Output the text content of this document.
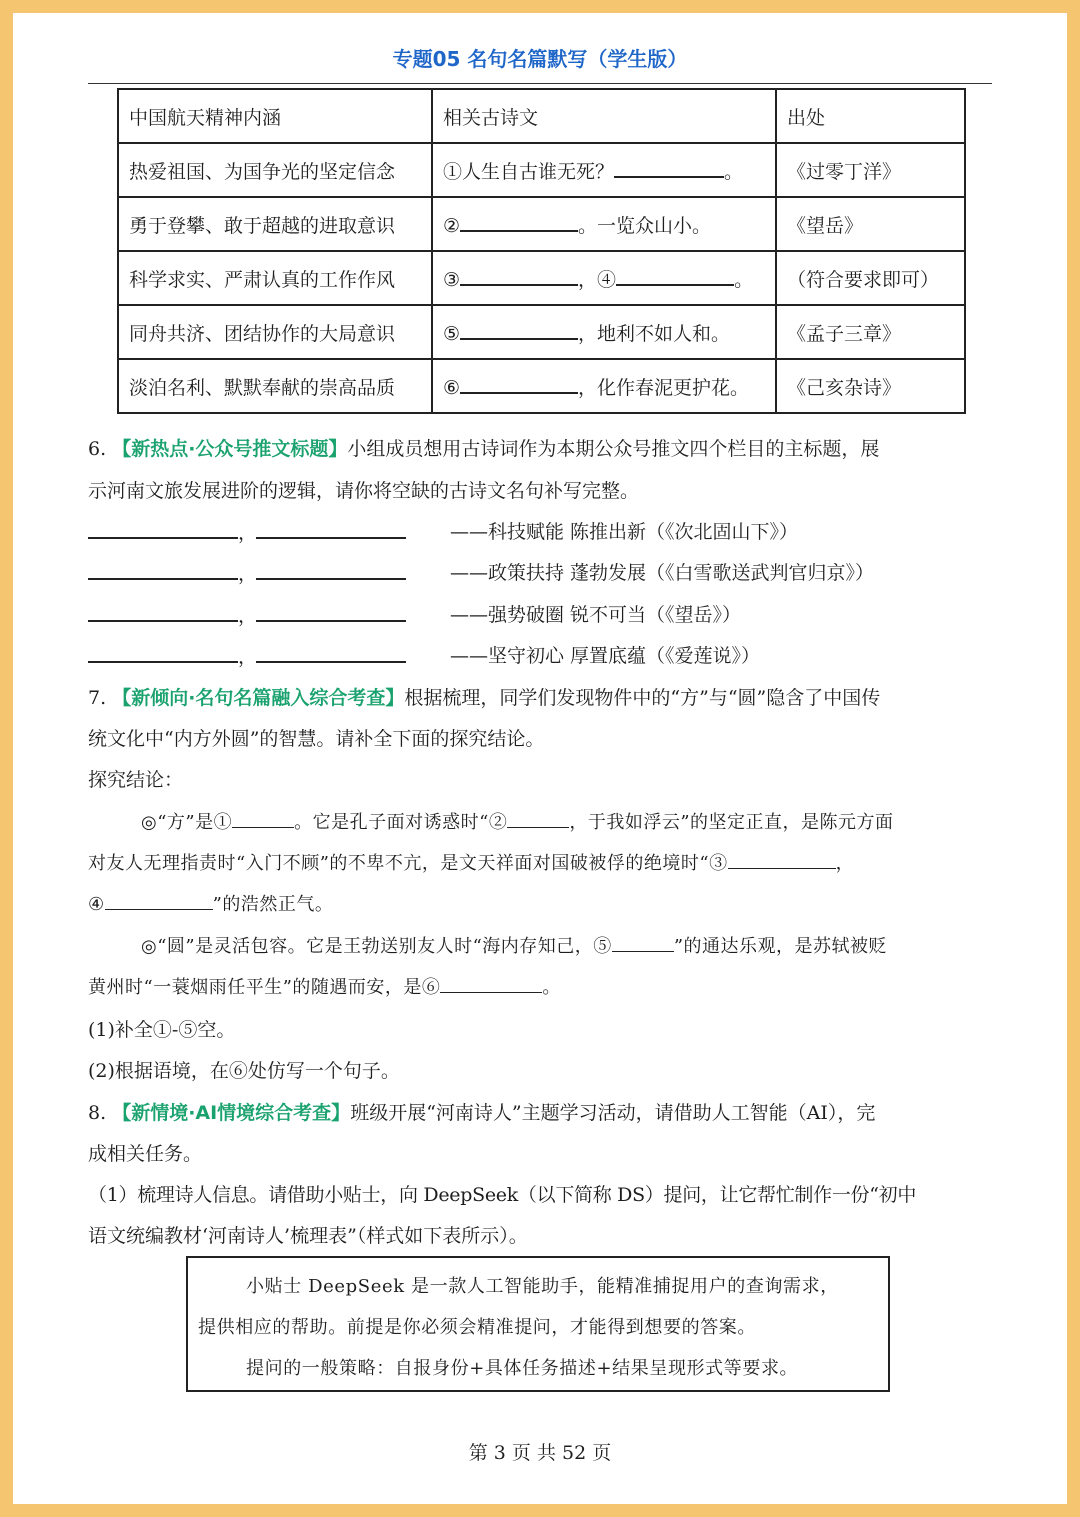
专题05 名句名篇默写（学生版）
中国航天精神内涵	相关古诗文	出处
热爱祖国、为国争光的坚定信念	①人生自古谁无死？ 。	《过零丁洋》
勇于登攀、敢于超越的进取意识	② 。一览众山小。	《望岳》
科学求实、严肃认真的工作作风	③ ，④ 。	（符合要求即可）
同舟共济、团结协作的大局意识	⑤ ，地利不如人和。	《孟子三章》
淡泊名利、默默奉献的崇高品质	⑥ ，化作春泥更护花。	《己亥杂诗》
6. 【新热点·公众号推文标题】小组成员想用古诗词作为本期公众号推文四个栏目的主标题，展
示河南文旅发展进阶的逻辑，请你将空缺的古诗文名句补写完整。
，	——科技赋能 陈推出新（《次北固山下》）
，	——政策扶持 蓬勃发展（《白雪歌送武判官归京》）
，	——强势破圈 锐不可当（《望岳》）
，	——坚守初心 厚置底蕴（《爱莲说》）
7. 【新倾向·名句名篇融入综合考查】根据梳理，同学们发现物件中的“方”与“圆”隐含了中国传
统文化中“内方外圆”的智慧。请补全下面的探究结论。
探究结论：
◎“方”是①	。它是孔子面对诱惑时“②	，于我如浮云”的坚定正直，是陈元方面
对友人无理指责时“入门不顾”的不卑不亢，是文天祥面对国破被俘的绝境时“③	，
④	”的浩然正气。
◎“圆”是灵活包容。它是王勃送别友人时“海内存知己，⑤	”的通达乐观，是苏轼被贬
黄州时“一蓑烟雨任平生”的随遇而安，是⑥	。
(1)补全①-⑤空。
(2)根据语境，在⑥处仿写一个句子。
8. 【新情境·AI情境综合考查】班级开展“河南诗人”主题学习活动，请借助人工智能（AI），完
成相关任务。
（1）梳理诗人信息。请借助小贴士，向 DeepSeek（以下简称 DS）提问，让它帮忙制作一份“初中
语文统编教材‘河南诗人’梳理表”（样式如下表所示）。
小贴士 DeepSeek 是一款人工智能助手，能精准捕捉用户的查询需求，
提供相应的帮助。前提是你必须会精准提问，才能得到想要的答案。
提问的一般策略：自报身份+具体任务描述+结果呈现形式等要求。
第 3 页 共 52 页
